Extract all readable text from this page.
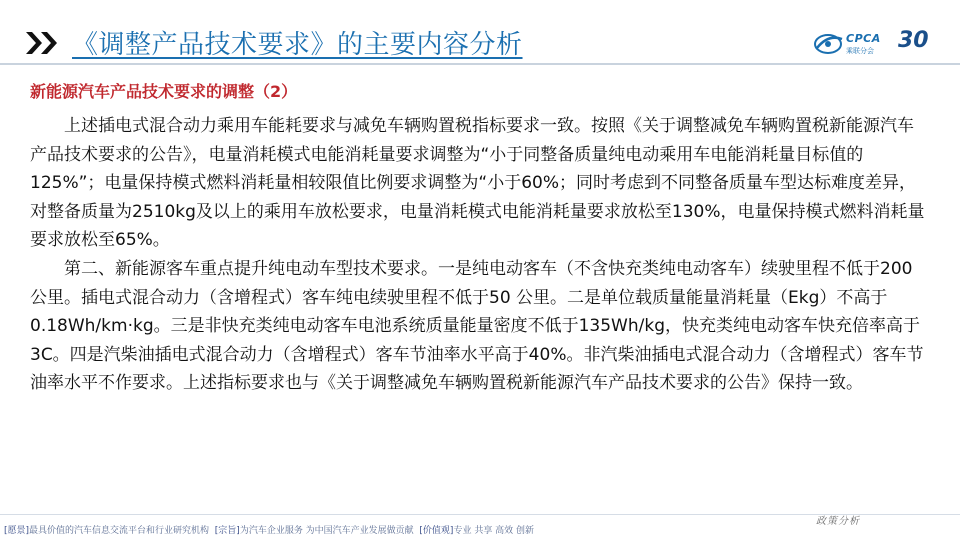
《调整产品技术要求》的主要内容分析	CPCA
乘联分会 30
新能源汽车产品技术要求的调整（2）

上述插电式混合动力乘用车能耗要求与减免车辆购置税指标要求一致。按照《关于调整减免车辆购置税新能源汽车产品技术要求的公告》，电量消耗模式电能消耗量要求调整为“小于同整备质量纯电动乘用车电能消耗量目标值的125%”；电量保持模式燃料消耗量相较限值比例要求调整为“小于60%；同时考虑到不同整备质量车型达标难度差异，对整备质量为2510kg及以上的乘用车放松要求，电量消耗模式电能消耗量要求放松至130%，电量保持模式燃料消耗量要求放松至65%。

第二、新能源客车重点提升纯电动车型技术要求。一是纯电动客车（不含快充类纯电动客车）续驶里程不低于200 公里。插电式混合动力（含增程式）客车纯电续驶里程不低于50 公里。二是单位载质量能量消耗量（Ekg）不高于0.18Wh/km·kg。三是非快充类纯电动客车电池系统质量能量密度不低于135Wh/kg，快充类纯电动客车快充倍率高于3C。四是汽柴油插电式混合动力（含增程式）客车节油率水平高于40%。非汽柴油插电式混合动力（含增程式）客车节油率水平不作要求。上述指标要求也与《关于调整减免车辆购置税新能源汽车产品技术要求的公告》保持一致。

政策分析
[愿景]最具价值的汽车信息交流平台和行业研究机构 [宗旨]为汽车企业服务 为中国汽车产业发展做贡献 [价值观]专业 共享 高效 创新
